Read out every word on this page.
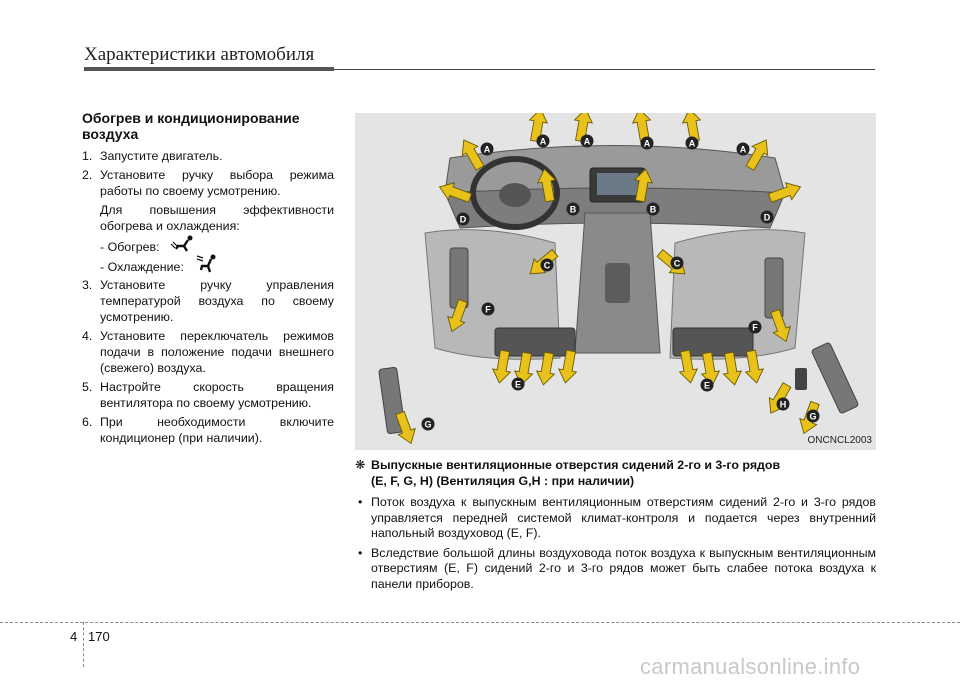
Характеристики автомобиля
Обогрев и кондиционирование
воздуха
1. Запустите двигатель.
2. Установите ручку выбора режима работы по своему усмотрению.
Для повышения эффективности обогрева и охлаждения:
- Обогрев:
- Охлаждение:
3. Установите ручку управления температурой воздуха по своему усмотрению.
4. Установите переключатель режимов подачи в положение подачи внешнего (свежего) воздуха.
5. Настройте скорость вращения вентилятора по своему усмотрению.
6. При необходимости включите кондиционер (при наличии).
A
A	A	A	A
A
B	B
C	C
D	D
E	E
F
F
G
G
H
ONCNCL2003
❋ Выпускные вентиляционные отверстия сидений 2-го и 3-го рядов
(E, F, G, H) (Вентиляция G,H : при наличии)
• Поток воздуха к выпускным вентиляционным отверстиям сидений 2-го и 3-го рядов управляется передней системой климат-контроля и подается через внутренний напольный воздуховод (E, F).
• Вследствие большой длины воздуховода поток воздуха к выпускным вентиляционным отверстиям (E, F) сидений 2-го и 3-го рядов может быть слабее потока воздуха к панели приборов.
4 170
carmanualsonline.info
